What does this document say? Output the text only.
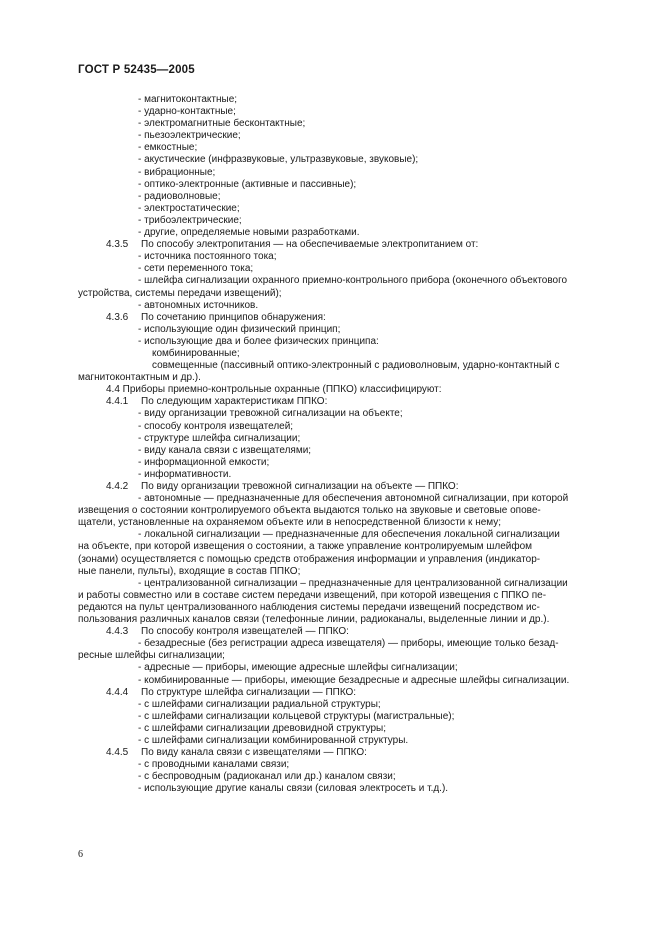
ГОСТ Р 52435—2005
- магнитоконтактные;
- ударно-контактные;
- электромагнитные бесконтактные;
- пьезоэлектрические;
- емкостные;
- акустические (инфразвуковые, ультразвуковые, звуковые);
- вибрационные;
- оптико-электронные (активные и пассивные);
- радиоволновые;
- электростатические;
- трибоэлектрические;
- другие, определяемые новыми разработками.
4.3.5 По способу электропитания — на обеспечиваемые электропитанием от:
- источника постоянного тока;
- сети переменного тока;
- шлейфа сигнализации охранного приемно-контрольного прибора (оконечного объектового
устройства, системы передачи извещений);
- автономных источников.
4.3.6 По сочетанию принципов обнаружения:
- использующие один физический принцип;
- использующие два и более физических принципа:
комбинированные;
совмещенные (пассивный оптико-электронный с радиоволновым, ударно-контактный с
магнитоконтактным и др.).
4.4 Приборы приемно-контрольные охранные (ППКО) классифицируют:
4.4.1 По следующим характеристикам ППКО:
- виду организации тревожной сигнализации на объекте;
- способу контроля извещателей;
- структуре шлейфа сигнализации;
- виду канала связи с извещателями;
- информационной емкости;
- информативности.
4.4.2 По виду организации тревожной сигнализации на объекте — ППКО:
- автономные — предназначенные для обеспечения автономной сигнализации, при которой
извещения о состоянии контролируемого объекта выдаются только на звуковые и световые опове-
щатели, установленные на охраняемом объекте или в непосредственной близости к нему;
- локальной сигнализации — предназначенные для обеспечения локальной сигнализации
на объекте, при которой извещения о состоянии, а также управление контролируемым шлейфом
(зонами) осуществляется с помощью средств отображения информации и управления (индикатор-
ные панели, пульты), входящие в состав ППКО;
- централизованной сигнализации – предназначенные для централизованной сигнализации
и работы совместно или в составе систем передачи извещений, при которой извещения с ППКО пе-
редаются на пульт централизованного наблюдения системы передачи извещений посредством ис-
пользования различных каналов связи (телефонные линии, радиоканалы, выделенные линии и др.).
4.4.3 По способу контроля извещателей — ППКО:
- безадресные (без регистрации адреса извещателя) — приборы, имеющие только безад-
ресные шлейфы сигнализации;
- адресные — приборы, имеющие адресные шлейфы сигнализации;
- комбинированные — приборы, имеющие безадресные и адресные шлейфы сигнализации.
4.4.4 По структуре шлейфа сигнализации — ППКО:
- с шлейфами сигнализации радиальной структуры;
- с шлейфами сигнализации кольцевой структуры (магистральные);
- с шлейфами сигнализации древовидной структуры;
- с шлейфами сигнализации комбинированной структуры.
4.4.5 По виду канала связи с извещателями — ППКО:
- с проводными каналами связи;
- с беспроводным (радиоканал или др.) каналом связи;
- использующие другие каналы связи (силовая электросеть и т.д.).
6
